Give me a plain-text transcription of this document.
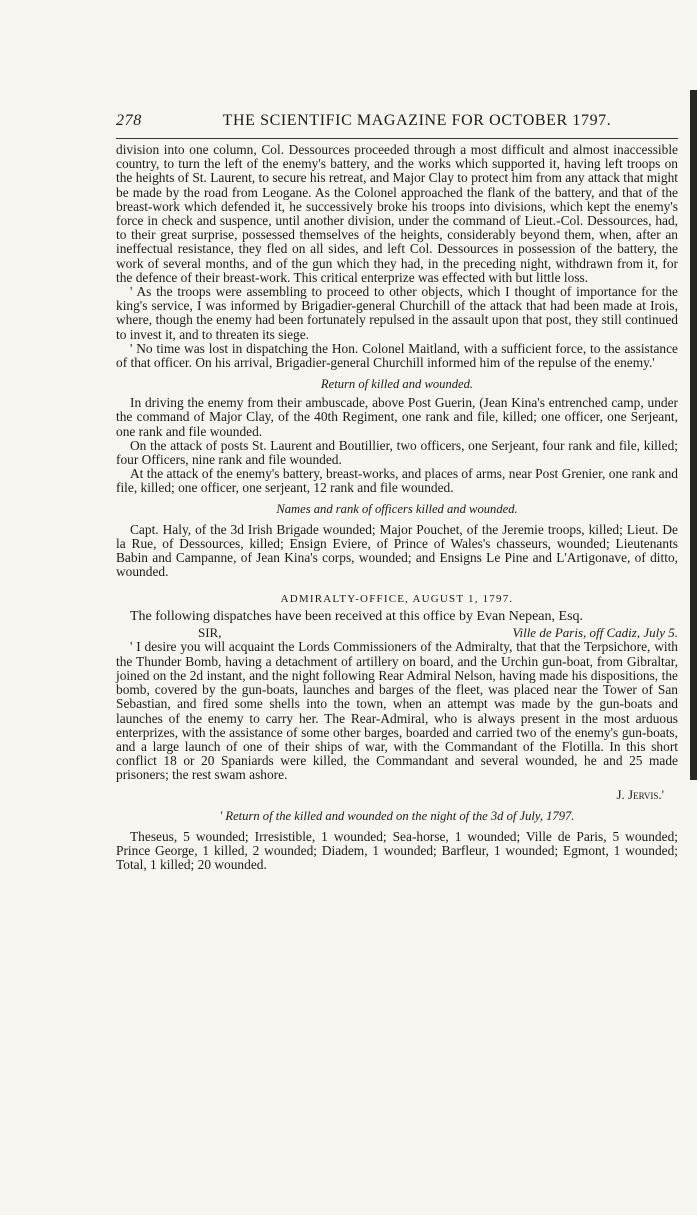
278	THE SCIENTIFIC MAGAZINE FOR OCTOBER 1797.

division into one column, Col. Dessources proceeded through a most difficult and almost inaccessible country, to turn the left of the enemy's battery, and the works which supported it, having left troops on the heights of St. Laurent, to secure his retreat, and Major Clay to protect him from any attack that might be made by the road from Leogane. As the Colonel approached the flank of the battery, and that of the breast-work which defended it, he successively broke his troops into divisions, which kept the enemy's force in check and suspence, until another division, under the command of Lieut.-Col. Dessources, had, to their great surprise, possessed themselves of the heights, considerably beyond them, when, after an ineffectual resistance, they fled on all sides, and left Col. Dessources in possession of the battery, the work of several months, and of the gun which they had, in the preceding night, withdrawn from it, for the defence of their breast-work. This critical enterprize was effected with but little loss.

' As the troops were assembling to proceed to other objects, which I thought of importance for the king's service, I was informed by Brigadier-general Churchill of the attack that had been made at Irois, where, though the enemy had been fortunately repulsed in the assault upon that post, they still continued to invest it, and to threaten its siege.

' No time was lost in dispatching the Hon. Colonel Maitland, with a sufficient force, to the assistance of that officer. On his arrival, Brigadier-general Churchill informed him of the repulse of the enemy.'

Return of killed and wounded.

In driving the enemy from their ambuscade, above Post Guerin, (Jean Kina's entrenched camp, under the command of Major Clay, of the 40th Regiment, one rank and file, killed; one officer, one Serjeant, one rank and file wounded.

On the attack of posts St. Laurent and Boutillier, two officers, one Serjeant, four rank and file, killed; four Officers, nine rank and file wounded.

At the attack of the enemy's battery, breast-works, and places of arms, near Post Grenier, one rank and file, killed; one officer, one serjeant, 12 rank and file wounded.

Names and rank of officers killed and wounded.

Capt. Haly, of the 3d Irish Brigade wounded; Major Pouchet, of the Jeremie troops, killed; Lieut. De la Rue, of Dessources, killed; Ensign Eviere, of Prince of Wales's chasseurs, wounded; Lieutenants Babin and Campanne, of Jean Kina's corps, wounded; and Ensigns Le Pine and L'Artigonave, of ditto, wounded.

ADMIRALTY-OFFICE, AUGUST 1, 1797.

The following dispatches have been received at this office by Evan Nepean, Esq.

SIR,	Ville de Paris, off Cadiz, July 5.

' I desire you will acquaint the Lords Commissioners of the Admiralty, that that the Terpsichore, with the Thunder Bomb, having a detachment of artillery on board, and the Urchin gun-boat, from Gibraltar, joined on the 2d instant, and the night following Rear Admiral Nelson, having made his dispositions, the bomb, covered by the gun-boats, launches and barges of the fleet, was placed near the Tower of San Sebastian, and fired some shells into the town, when an attempt was made by the gun-boats and launches of the enemy to carry her. The Rear-Admiral, who is always present in the most arduous enterprizes, with the assistance of some other barges, boarded and carried two of the enemy's gun-boats, and a large launch of one of their ships of war, with the Commandant of the Flotilla. In this short conflict 18 or 20 Spaniards were killed, the Commandant and several wounded, he and 25 made prisoners; the rest swam ashore.

J. Jervis.'
' Return of the killed and wounded on the night of the 3d of July, 1797.

Theseus, 5 wounded; Irresistible, 1 wounded; Sea-horse, 1 wounded; Ville de Paris, 5 wounded; Prince George, 1 killed, 2 wounded; Diadem, 1 wounded; Barfleur, 1 wounded; Egmont, 1 wounded; Total, 1 killed; 20 wounded.
